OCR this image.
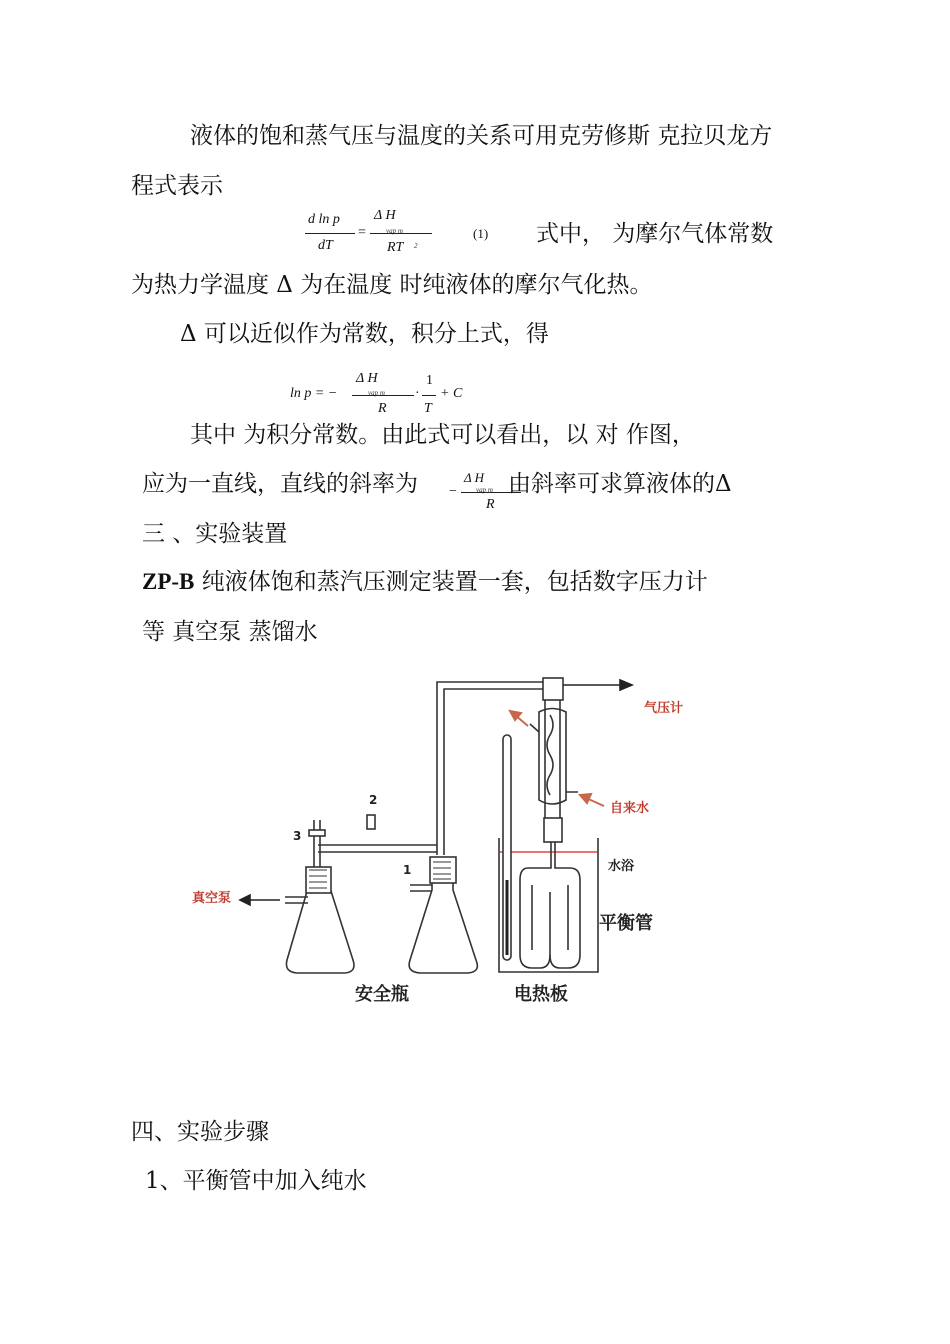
液体的饱和蒸气压与温度的关系可用克劳修斯 克拉贝龙方
程式表示
d ln p
dT
=
Δ H
vap m
RT 2
(1) 式中， 为摩尔气体常数
为热力学温度 Δ 为在温度 时纯液体的摩尔气化热。
Δ 可以近似作为常数，积分上式，得
ln p = −
Δ H
vap m
R
·
1
T
+ C
其中 为积分常数。由此式可以看出，以 对 作图，
应为一直线，直线的斜率为 −
Δ H
vap m
R
由斜率可求算液体的Δ
三 、实验装置
ZP-B 纯液体饱和蒸汽压测定装置一套，包括数字压力计
等 真空泵 蒸馏水
气压计
自来水
水浴
平衡管
真空泵
安全瓶	电热板
1
2
3
四、实验步骤
1、平衡管中加入纯水
